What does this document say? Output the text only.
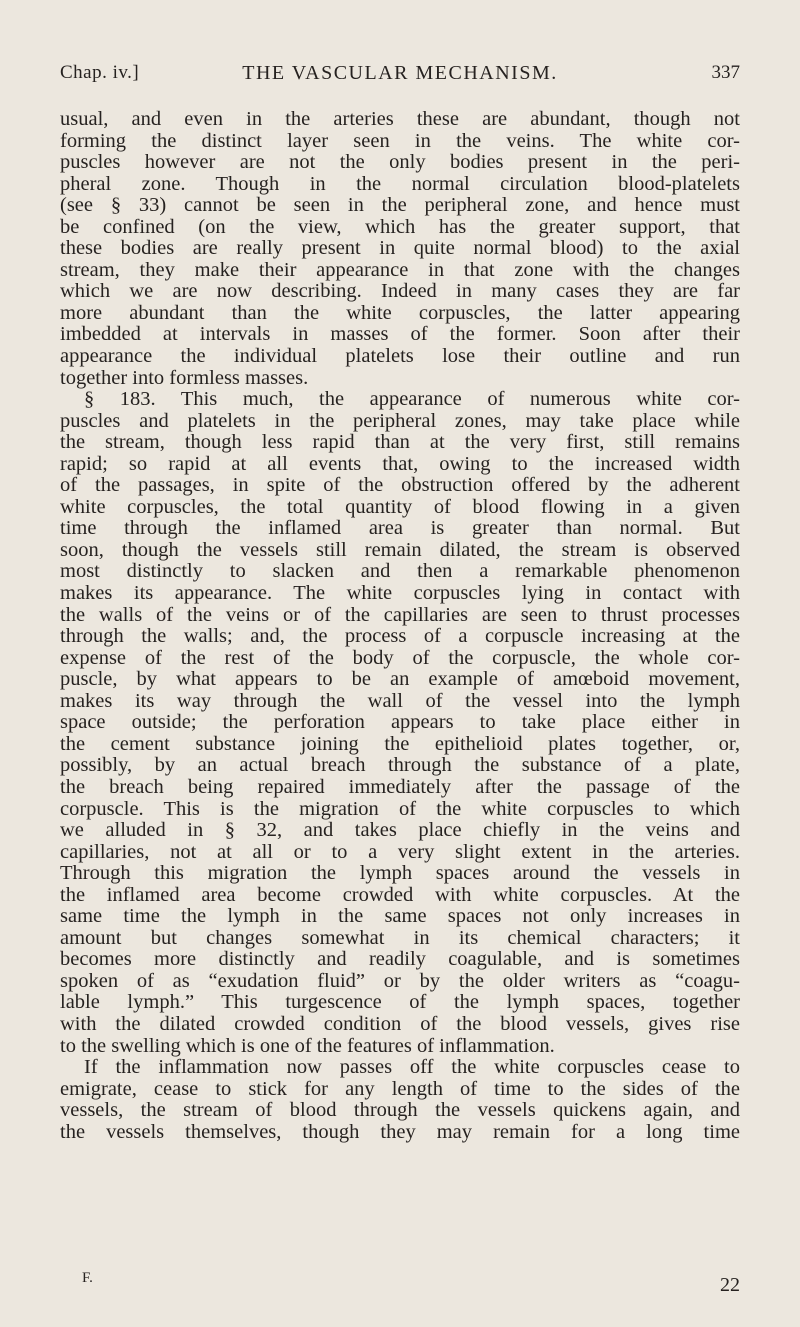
Chap. iv.]	THE VASCULAR MECHANISM.	337
usual, and even in the arteries these are abundant, though not
forming the distinct layer seen in the veins. The white cor-
puscles however are not the only bodies present in the peri-
pheral zone. Though in the normal circulation blood-platelets
(see § 33) cannot be seen in the peripheral zone, and hence must
be confined (on the view, which has the greater support, that
these bodies are really present in quite normal blood) to the axial
stream, they make their appearance in that zone with the changes
which we are now describing. Indeed in many cases they are far
more abundant than the white corpuscles, the latter appearing
imbedded at intervals in masses of the former. Soon after their
appearance the individual platelets lose their outline and run
together into formless masses.
§ 183. This much, the appearance of numerous white cor-
puscles and platelets in the peripheral zones, may take place while
the stream, though less rapid than at the very first, still remains
rapid; so rapid at all events that, owing to the increased width
of the passages, in spite of the obstruction offered by the adherent
white corpuscles, the total quantity of blood flowing in a given
time through the inflamed area is greater than normal. But
soon, though the vessels still remain dilated, the stream is observed
most distinctly to slacken and then a remarkable phenomenon
makes its appearance. The white corpuscles lying in contact with
the walls of the veins or of the capillaries are seen to thrust processes
through the walls; and, the process of a corpuscle increasing at the
expense of the rest of the body of the corpuscle, the whole cor-
puscle, by what appears to be an example of amœboid movement,
makes its way through the wall of the vessel into the lymph
space outside; the perforation appears to take place either in
the cement substance joining the epithelioid plates together, or,
possibly, by an actual breach through the substance of a plate,
the breach being repaired immediately after the passage of the
corpuscle. This is the migration of the white corpuscles to which
we alluded in § 32, and takes place chiefly in the veins and
capillaries, not at all or to a very slight extent in the arteries.
Through this migration the lymph spaces around the vessels in
the inflamed area become crowded with white corpuscles. At the
same time the lymph in the same spaces not only increases in
amount but changes somewhat in its chemical characters; it
becomes more distinctly and readily coagulable, and is sometimes
spoken of as “exudation fluid” or by the older writers as “coagu-
lable lymph.” This turgescence of the lymph spaces, together
with the dilated crowded condition of the blood vessels, gives rise
to the swelling which is one of the features of inflammation.
If the inflammation now passes off the white corpuscles cease to
emigrate, cease to stick for any length of time to the sides of the
vessels, the stream of blood through the vessels quickens again, and
the vessels themselves, though they may remain for a long time
F.	22
